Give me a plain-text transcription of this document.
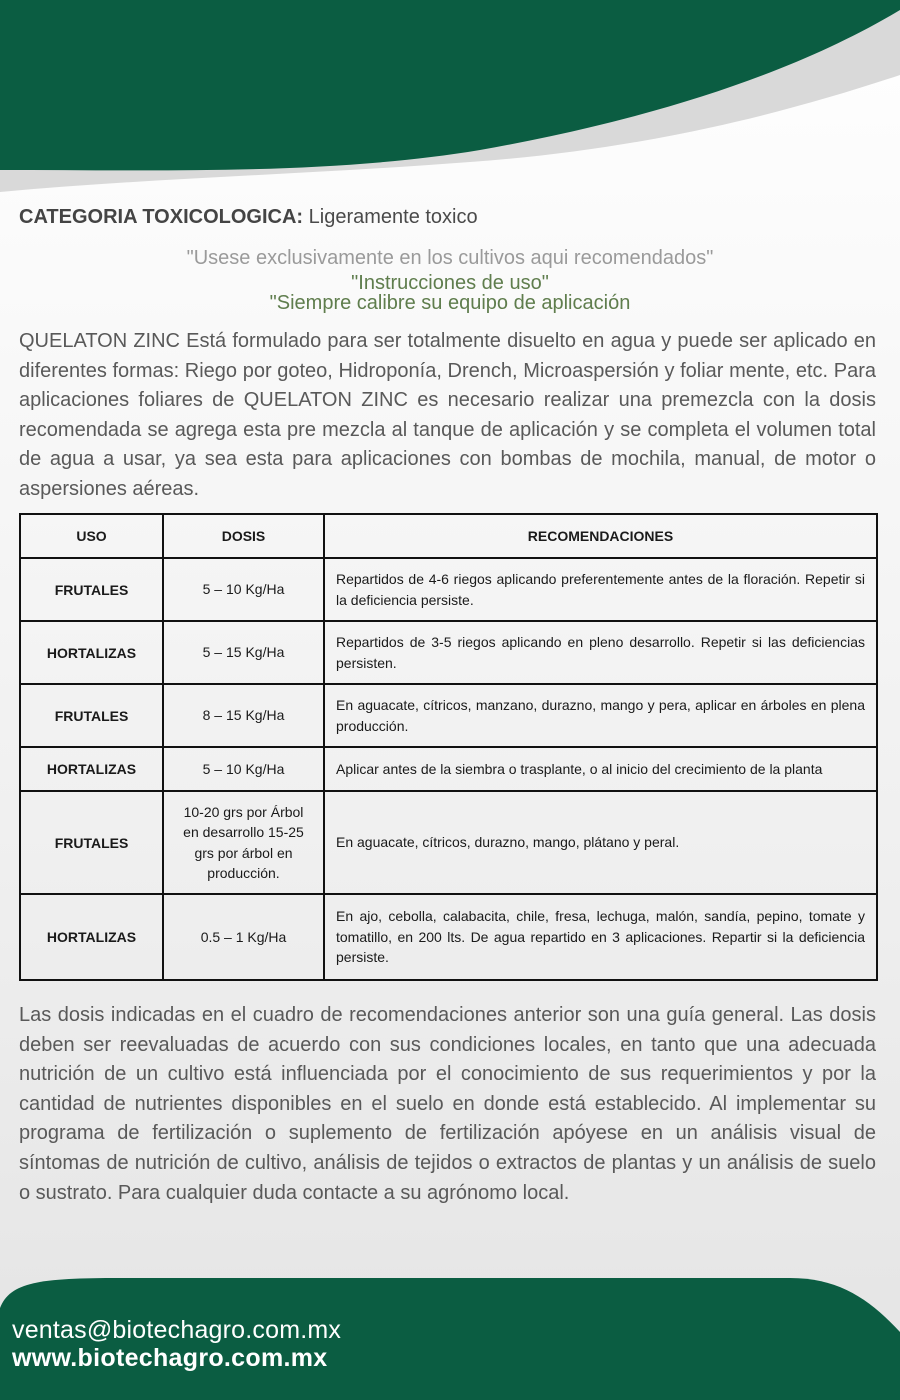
CATEGORIA TOXICOLOGICA: Ligeramente toxico
"Usese exclusivamente en los cultivos aqui recomendados"
"Instrucciones de uso"
"Siempre calibre su equipo de aplicación

QUELATON ZINC Está formulado para ser totalmente disuelto en agua y puede ser aplicado en diferentes formas: Riego por goteo, Hidroponía, Drench, Microaspersión y foliar mente, etc. Para aplicaciones foliares de QUELATON ZINC es necesario realizar una premezcla con la dosis recomendada se agrega esta pre mezcla al tanque de aplicación y se completa el volumen total de agua a usar, ya sea esta para aplicaciones con bombas de mochila, manual, de motor o aspersiones aéreas.

USO	DOSIS	RECOMENDACIONES
FRUTALES	5 – 10 Kg/Ha	Repartidos de 4-6 riegos aplicando preferentemente antes de la floración. Repetir si la deficiencia persiste.
HORTALIZAS	5 – 15 Kg/Ha	Repartidos de 3-5 riegos aplicando en pleno desarrollo. Repetir si las deficiencias persisten.
FRUTALES	8 – 15 Kg/Ha	En aguacate, cítricos, manzano, durazno, mango y pera, aplicar en árboles en plena producción.
HORTALIZAS	5 – 10 Kg/Ha	Aplicar antes de la siembra o trasplante, o al inicio del crecimiento de la planta
FRUTALES	10-20 grs por Árbol en desarrollo 15-25 grs por árbol en producción.	En aguacate, cítricos, durazno, mango, plátano y peral.
HORTALIZAS	0.5 – 1 Kg/Ha	En ajo, cebolla, calabacita, chile, fresa, lechuga, malón, sandía, pepino, tomate y tomatillo, en 200 lts. De agua repartido en 3 aplicaciones. Repartir si la deficiencia persiste.

Las dosis indicadas en el cuadro de recomendaciones anterior son una guía general. Las dosis deben ser reevaluadas de acuerdo con sus condiciones locales, en tanto que una adecuada nutrición de un cultivo está influenciada por el conocimiento de sus requerimientos y por la cantidad de nutrientes disponibles en el suelo en donde está establecido. Al implementar su programa de fertilización o suplemento de fertilización apóyese en un análisis visual de síntomas de nutrición de cultivo, análisis de tejidos o extractos de plantas y un análisis de suelo o sustrato. Para cualquier duda contacte a su agrónomo local.

ventas@biotechagro.com.mx
www.biotechagro.com.mx
